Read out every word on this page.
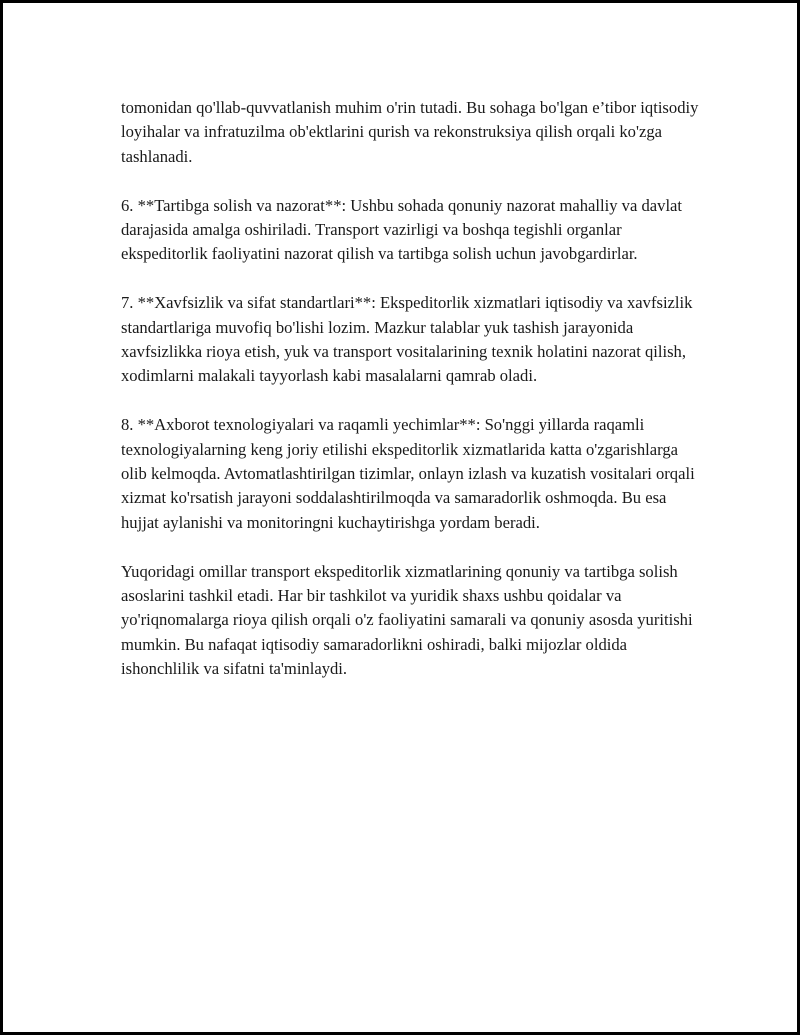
tomonidan qo'llab-quvvatlanish muhim o'rin tutadi. Bu sohaga bo'lgan e’tibor iqtisodiy loyihalar va infratuzilma ob'ektlarini qurish va rekonstruksiya qilish orqali ko'zga tashlanadi.

6. **Tartibga solish va nazorat**: Ushbu sohada qonuniy nazorat mahalliy va davlat darajasida amalga oshiriladi. Transport vazirligi va boshqa tegishli organlar ekspeditorlik faoliyatini nazorat qilish va tartibga solish uchun javobgardirlar.

7. **Xavfsizlik va sifat standartlari**: Ekspeditorlik xizmatlari iqtisodiy va xavfsizlik standartlariga muvofiq bo'lishi lozim. Mazkur talablar yuk tashish jarayonida xavfsizlikka rioya etish, yuk va transport vositalarining texnik holatini nazorat qilish, xodimlarni malakali tayyorlash kabi masalalarni qamrab oladi.

8. **Axborot texnologiyalari va raqamli yechimlar**: So'nggi yillarda raqamli texnologiyalarning keng joriy etilishi ekspeditorlik xizmatlarida katta o'zgarishlarga olib kelmoqda. Avtomatlashtirilgan tizimlar, onlayn izlash va kuzatish vositalari orqali xizmat ko'rsatish jarayoni soddalashtirilmoqda va samaradorlik oshmoqda. Bu esa hujjat aylanishi va monitoringni kuchaytirishga yordam beradi.

Yuqoridagi omillar transport ekspeditorlik xizmatlarining qonuniy va tartibga solish asoslarini tashkil etadi. Har bir tashkilot va yuridik shaxs ushbu qoidalar va yo'riqnomalarga rioya qilish orqali o'z faoliyatini samarali va qonuniy asosda yuritishi mumkin. Bu nafaqat iqtisodiy samaradorlikni oshiradi, balki mijozlar oldida ishonchlilik va sifatni ta'minlaydi.
